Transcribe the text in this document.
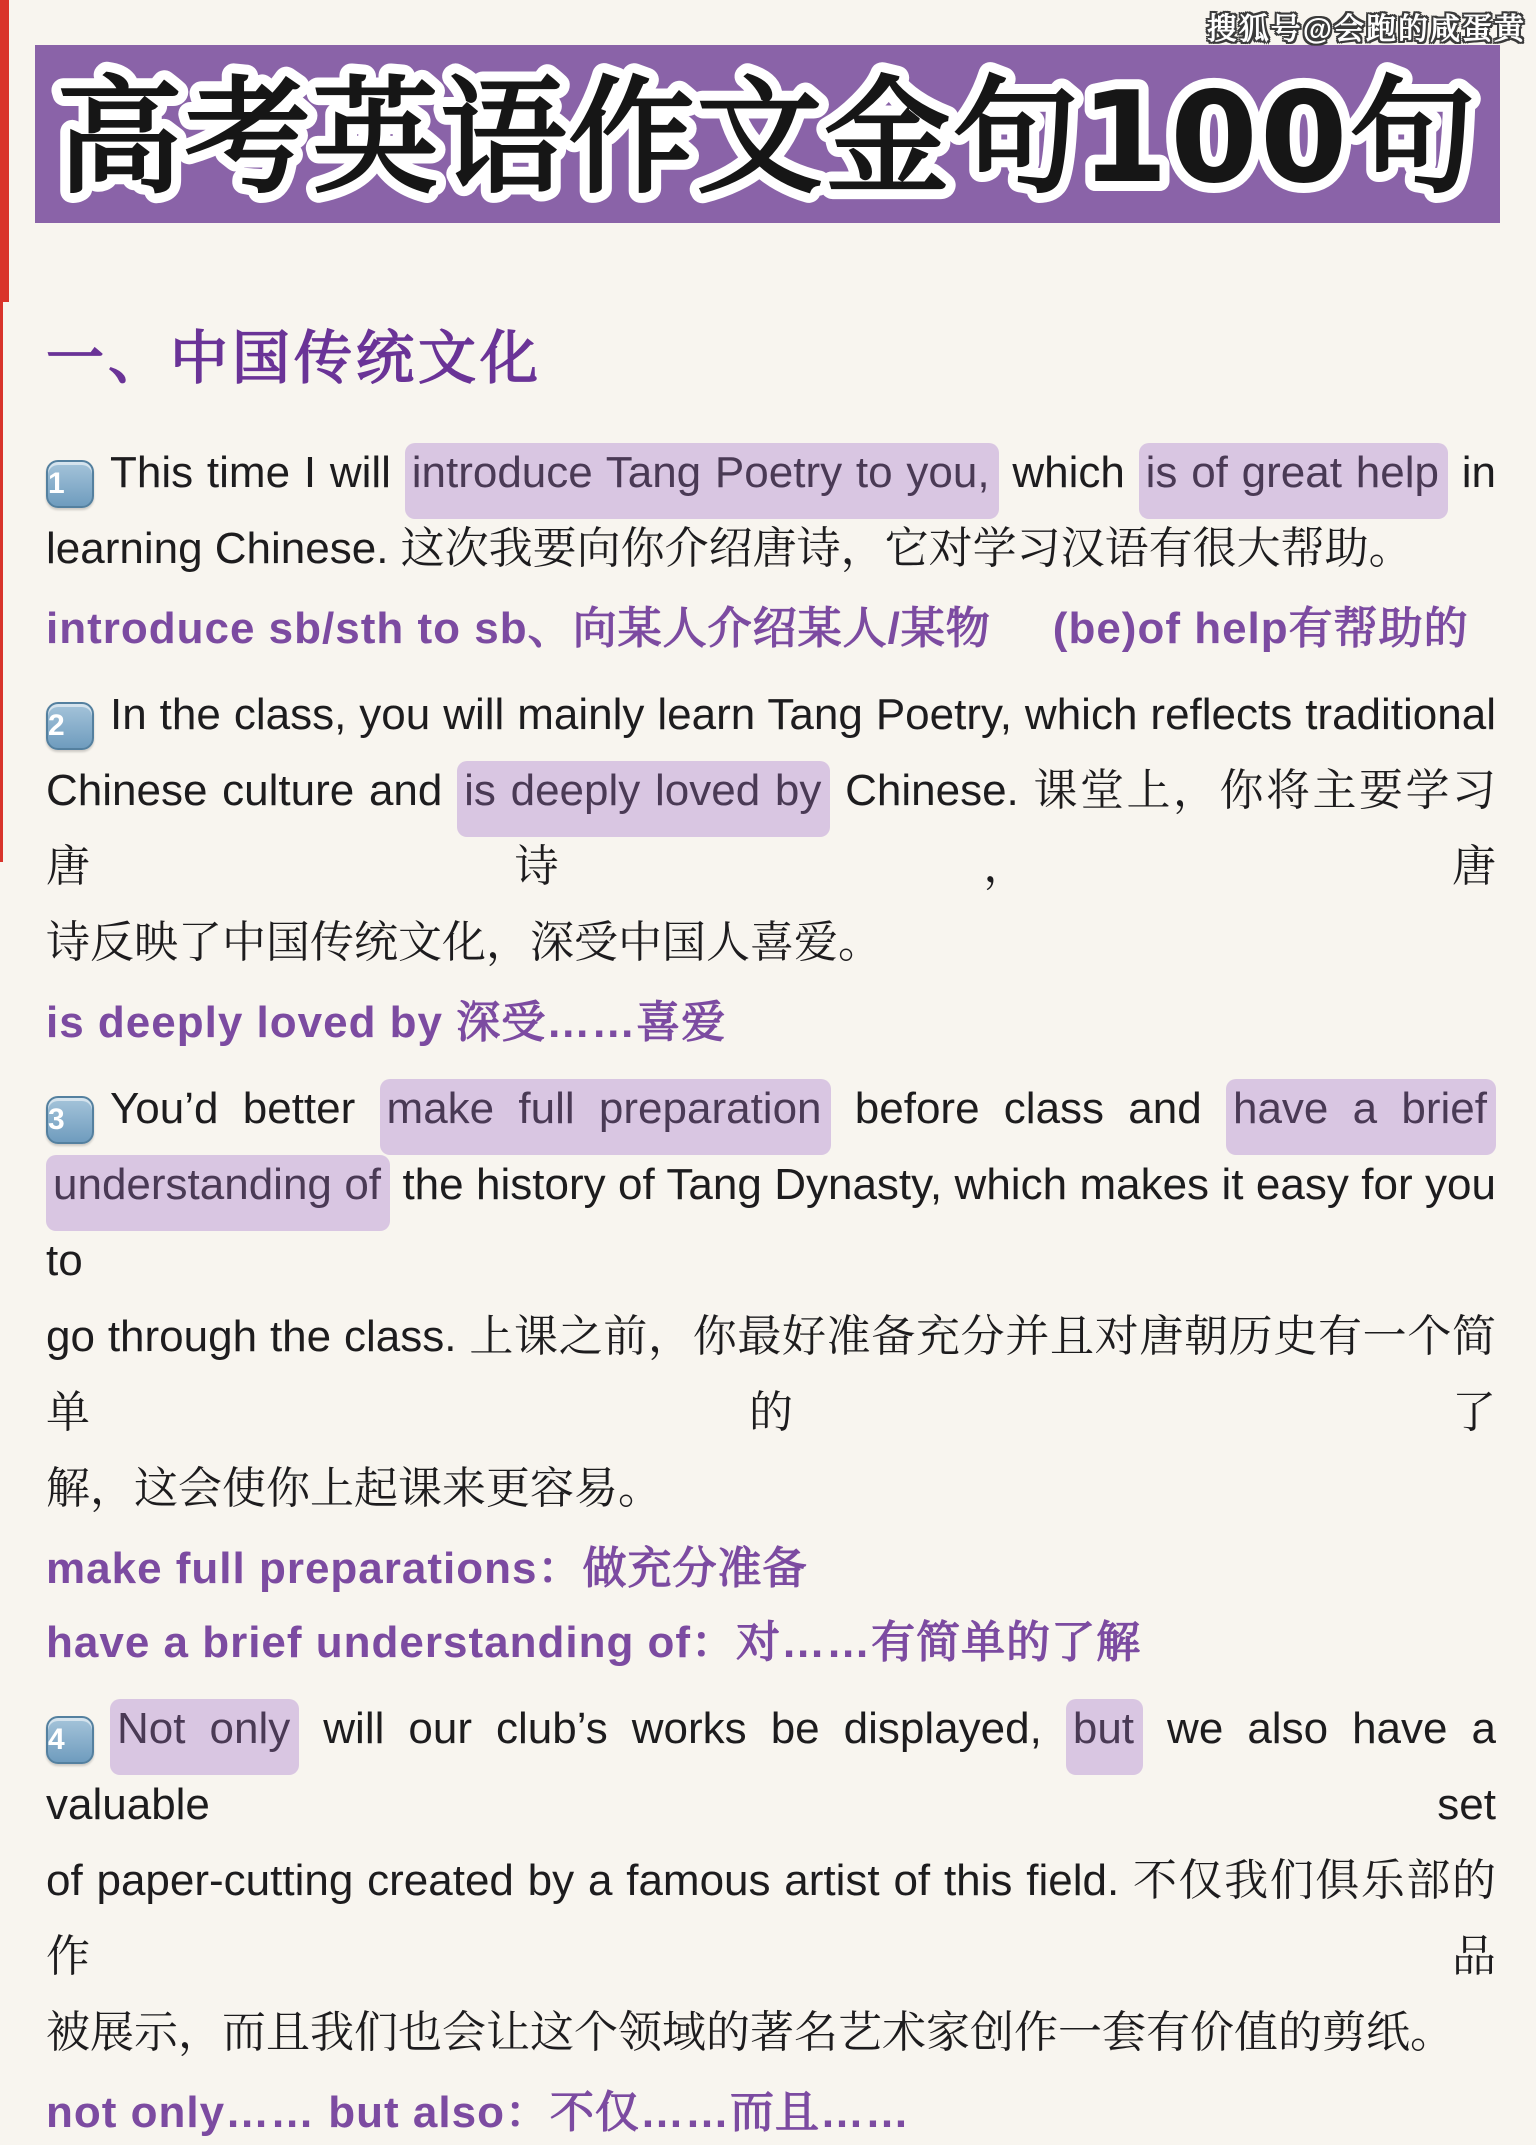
搜狐号@会跑的咸蛋黄
高考英语作文金句100句
一、中国传统文化
1 This time I will introduce Tang Poetry to you, which is of great help in
learning Chinese. 这次我要向你介绍唐诗，它对学习汉语有很大帮助。
introduce sb/sth to sb、向某人介绍某人/某物 (be)of help有帮助的
2 In the class, you will mainly learn Tang Poetry, which reflects traditional
Chinese culture and is deeply loved by Chinese. 课堂上，你将主要学习唐诗，唐
诗反映了中国传统文化，深受中国人喜爱。
is deeply loved by 深受……喜爱
3 You’d better make full preparation before class and have a brief
understanding of the history of Tang Dynasty, which makes it easy for you to
go through the class. 上课之前，你最好准备充分并且对唐朝历史有一个简单的了
解，这会使你上起课来更容易。
make full preparations：做充分准备
have a brief understanding of：对……有简单的了解
4 Not only will our club’s works be displayed, but we also have a valuable set
of paper-cutting created by a famous artist of this field. 不仅我们俱乐部的作品
被展示，而且我们也会让这个领域的著名艺术家创作一套有价值的剪纸。
not only…… but also：不仅……而且……
